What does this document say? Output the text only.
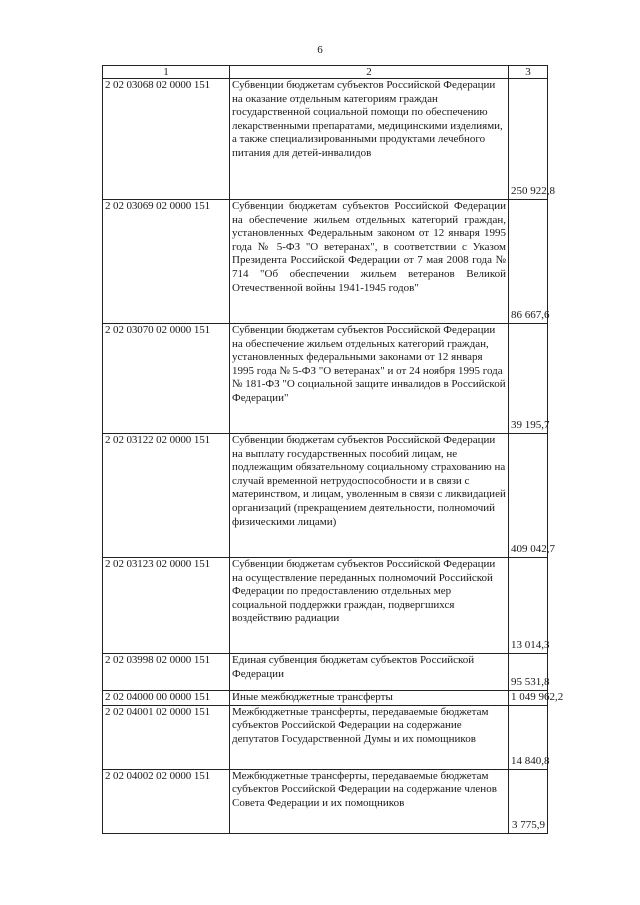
6
1	2	3
2 02 03068 02 0000 151	Субвенции бюджетам субъектов Российской Федерации на оказание отдельным категориям граждан государственной социальной помощи по обеспечению лекарственными препаратами, медицинскими изделиями, а также специализированными продуктами лечебного питания для детей-инвалидов	250 922,8
2 02 03069 02 0000 151	Субвенции бюджетам субъектов Российской Федерации на обеспечение жильем отдельных категорий граждан, установленных Федеральным законом от 12 января 1995 года № 5-ФЗ "О ветеранах", в соответствии с Указом Президента Российской Федерации от 7 мая 2008 года № 714 "Об обеспечении жильем ветеранов Великой Отечественной войны 1941-1945 годов"	86 667,6
2 02 03070 02 0000 151	Субвенции бюджетам субъектов Российской Федерации на обеспечение жильем отдельных категорий граждан, установленных федеральными законами от 12 января 1995 года № 5-ФЗ "О ветеранах" и от 24 ноября 1995 года № 181-ФЗ "О социальной защите инвалидов в Российской Федерации"	39 195,7
2 02 03122 02 0000 151	Субвенции бюджетам субъектов Российской Федерации на выплату государственных пособий лицам, не подлежащим обязательному социальному страхованию на случай временной нетрудоспособности и в связи с материнством, и лицам, уволенным в связи с ликвидацией организаций (прекращением деятельности, полномочий физическими лицами)	409 042,7
2 02 03123 02 0000 151	Субвенции бюджетам субъектов Российской Федерации на осуществление переданных полномочий Российской Федерации по предоставлению отдельных мер социальной поддержки граждан, подвергшихся воздействию радиации	13 014,3
2 02 03998 02 0000 151	Единая субвенция бюджетам субъектов Российской Федерации	95 531,8
2 02 04000 00 0000 151	Иные межбюджетные трансферты	1 049 962,2
2 02 04001 02 0000 151	Межбюджетные трансферты, передаваемые бюджетам субъектов Российской Федерации на содержание депутатов Государственной Думы и их помощников	14 840,8
2 02 04002 02 0000 151	Межбюджетные трансферты, передаваемые бюджетам субъектов Российской Федерации на содержание членов Совета Федерации и их помощников	3 775,9
